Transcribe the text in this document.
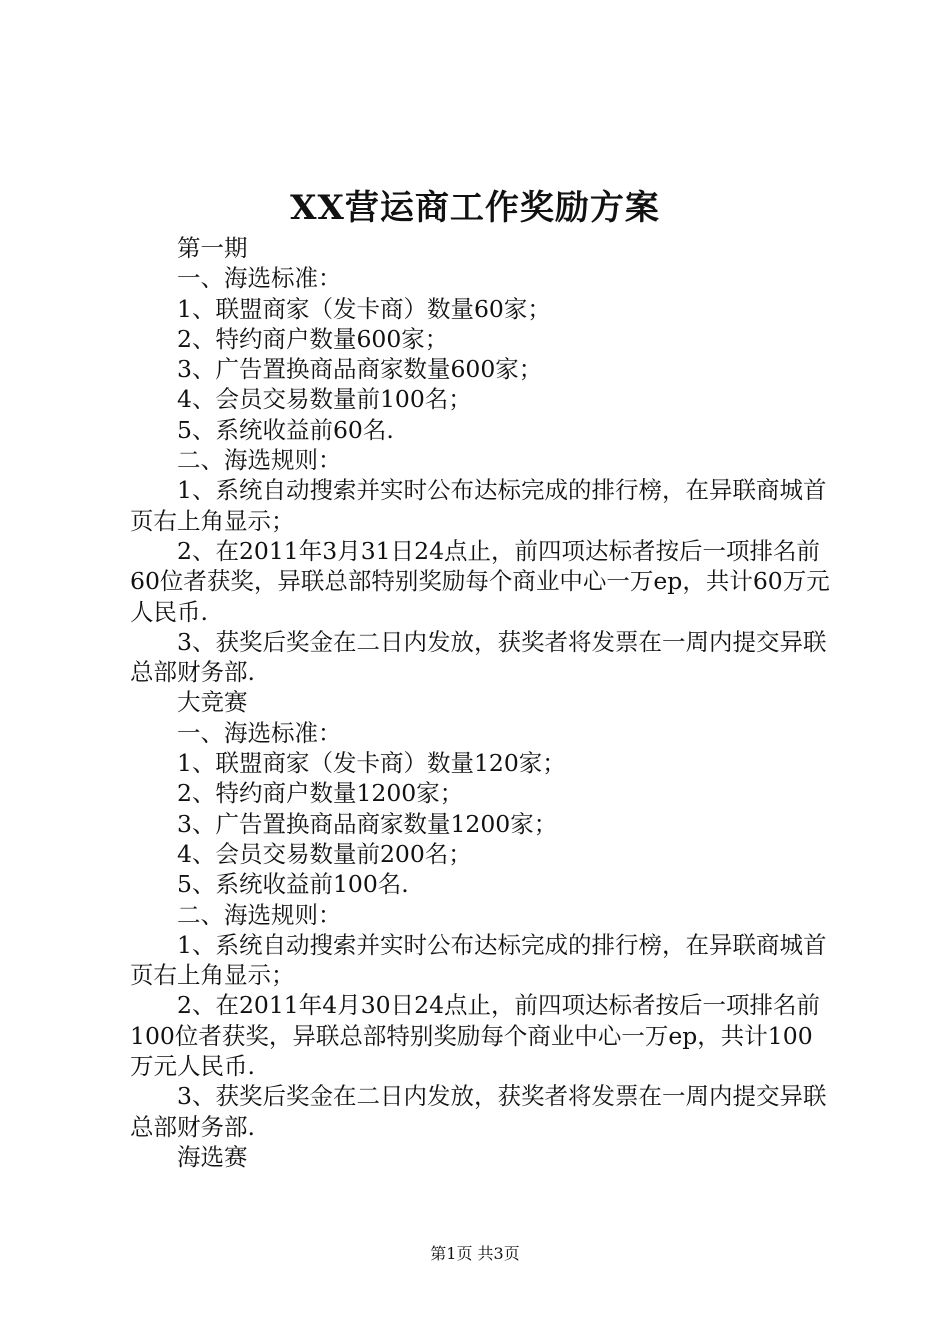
XX营运商工作奖励方案

第一期

一、海选标准：

1、联盟商家（发卡商）数量60家；

2、特约商户数量600家；

3、广告置换商品商家数量600家；

4、会员交易数量前100名；

5、系统收益前60名.

二、海选规则：

1、系统自动搜索并实时公布达标完成的排行榜，在异联商城首页右上角显示；

2、在2011年3月31日24点止，前四项达标者按后一项排名前60位者获奖，异联总部特别奖励每个商业中心一万ep，共计60万元人民币.

3、获奖后奖金在二日内发放，获奖者将发票在一周内提交异联总部财务部.

大竞赛

一、海选标准：

1、联盟商家（发卡商）数量120家；

2、特约商户数量1200家；

3、广告置换商品商家数量1200家；

4、会员交易数量前200名；

5、系统收益前100名.

二、海选规则：

1、系统自动搜索并实时公布达标完成的排行榜，在异联商城首页右上角显示；

2、在2011年4月30日24点止，前四项达标者按后一项排名前100位者获奖，异联总部特别奖励每个商业中心一万ep，共计100万元人民币.

3、获奖后奖金在二日内发放，获奖者将发票在一周内提交异联总部财务部.

海选赛

第1页 共3页
